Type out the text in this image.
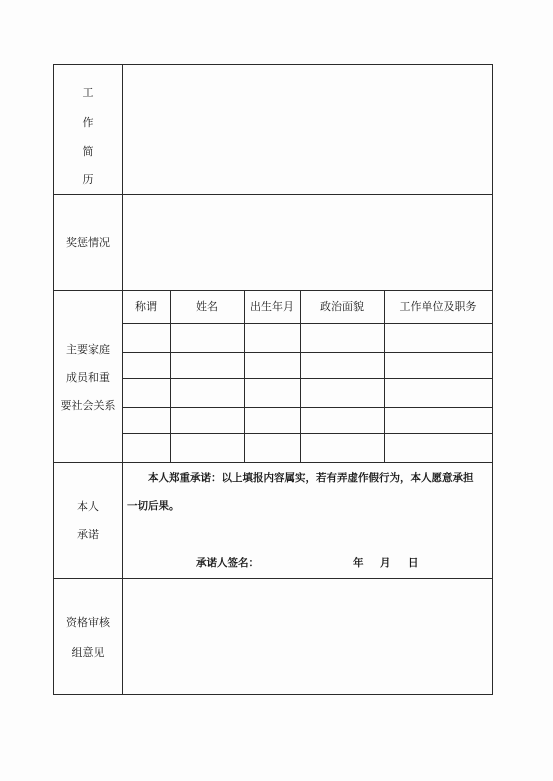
工
作
简
历
奖惩情况
主要家庭
成员和重
要社会关系
称谓	姓名	出生年月 政治面貌	工作单位及职务
本人
承诺
本人郑重承诺：以上填报内容属实，若有弄虚作假行为，本人愿意承担
一切后果。
承诺人签名：	年 月 日
资格审核
组意见
